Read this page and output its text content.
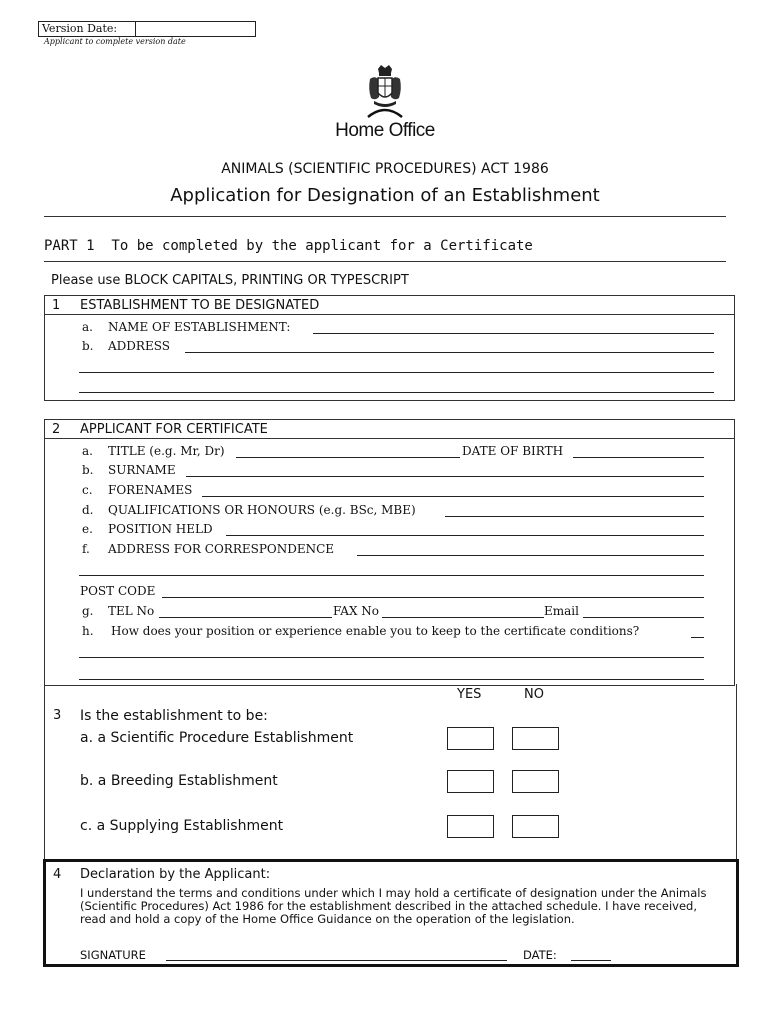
Version Date:
Applicant to complete version date
Home Office
ANIMALS (SCIENTIFIC PROCEDURES) ACT 1986
Application for Designation of an Establishment
PART 1  To be completed by the applicant for a Certificate
Please use BLOCK CAPITALS, PRINTING OR TYPESCRIPT
1 ESTABLISHMENT TO BE DESIGNATED
a. NAME OF ESTABLISHMENT:
b. ADDRESS
2 APPLICANT FOR CERTIFICATE
a. TITLE (e.g. Mr, Dr)	DATE OF BIRTH
b. SURNAME
c. FORENAMES
d. QUALIFICATIONS OR HONOURS (e.g. BSc, MBE)
e. POSITION HELD
f. ADDRESS FOR CORRESPONDENCE
POST CODE
g. TEL No	FAX No	Email
h. How does your position or experience enable you to keep to the certificate conditions?
YES	NO
3 Is the establishment to be:
a. a Scientific Procedure Establishment
b. a Breeding Establishment
c. a Supplying Establishment
4 Declaration by the Applicant:
I understand the terms and conditions under which I may hold a certificate of designation under the Animals (Scientific Procedures) Act 1986 for the establishment described in the attached schedule. I have received, read and hold a copy of the Home Office Guidance on the operation of the legislation.
SIGNATURE	DATE:
